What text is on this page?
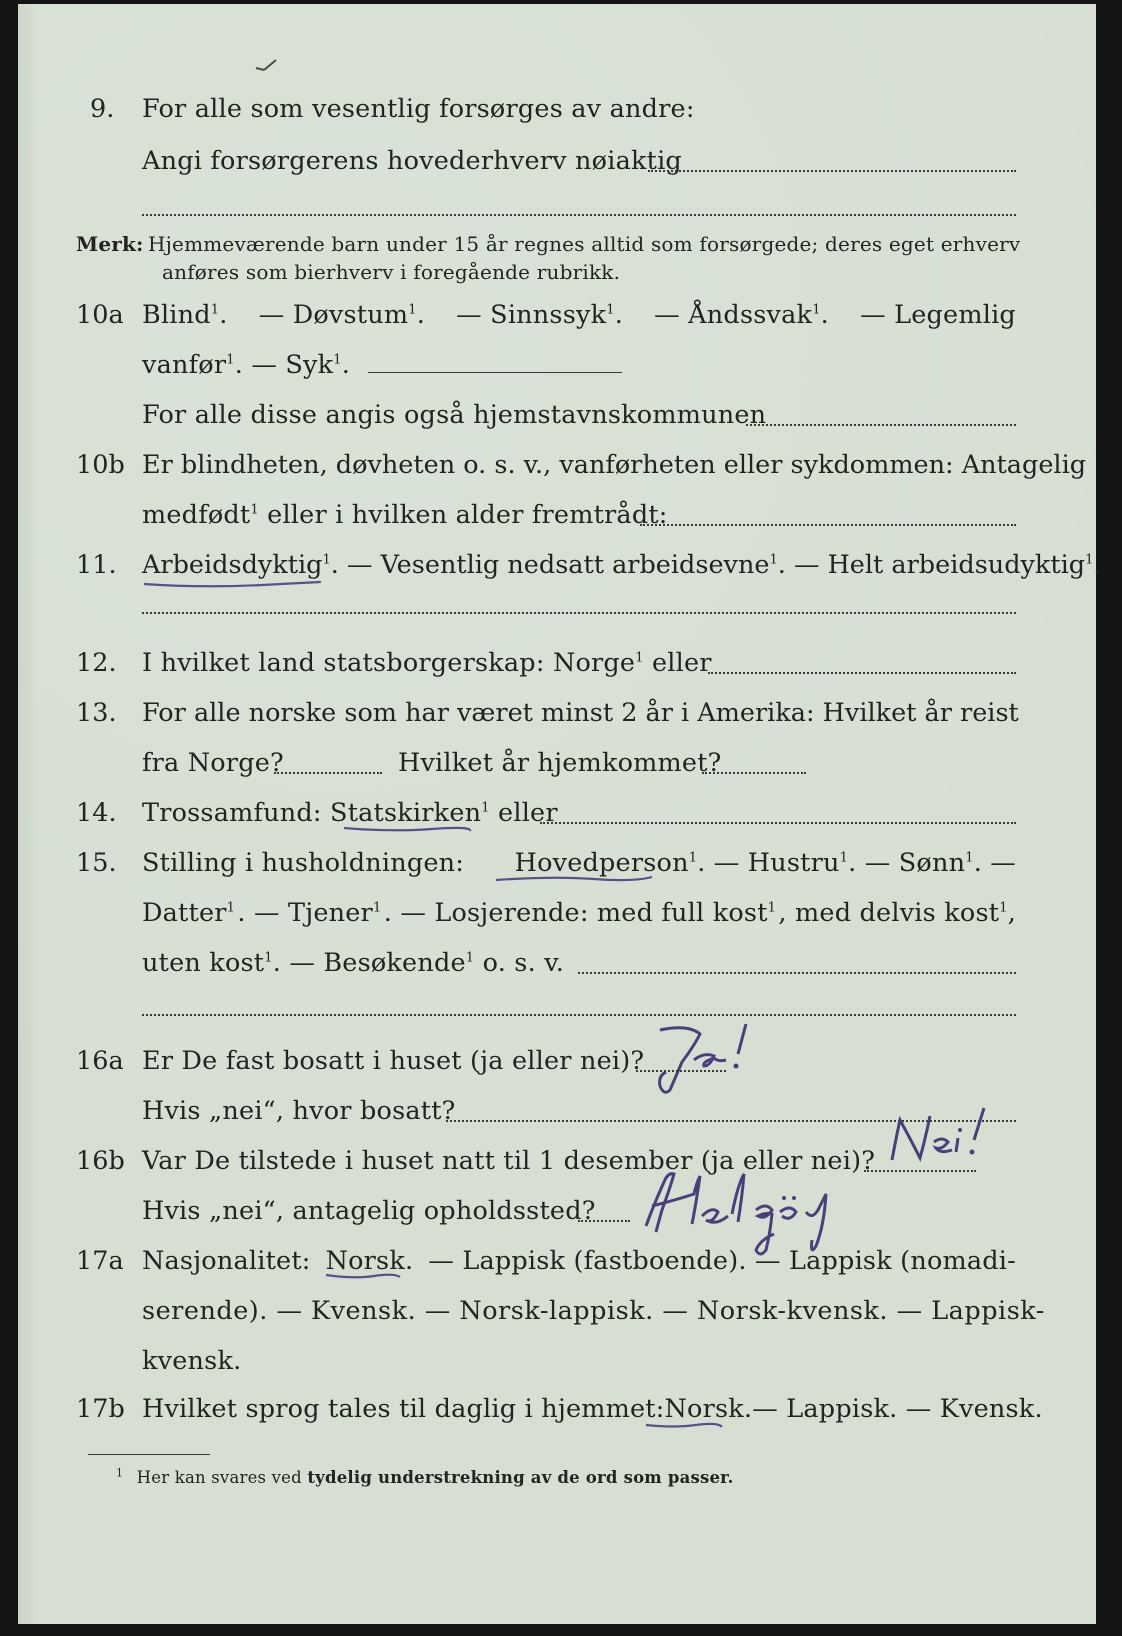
9. For alle som vesentlig forsørges av andre:
Angi forsørgerens hovederhverv nøiaktig
Merk: Hjemmeværende barn under 15 år regnes alltid som forsørgede; deres eget erhverv
anføres som bierhverv i foregående rubrikk.
10a Blind$^1$. — Døvstum$^1$. — Sinnssyk$^1$. — Åndssvak$^1$. — Legemlig
vanfør$^1$. — Syk$^1$.
For alle disse angis også hjemstavnskommunen
10b Er blindheten, døvheten o. s. v., vanførheten eller sykdommen: Antagelig
medfødt$^1$ eller i hvilken alder fremtrådt:
11. Arbeidsdyktig$^1$. — Vesentlig nedsatt arbeidsevne$^1$. — Helt arbeidsudyktig$^1$.
12. I hvilket land statsborgerskap: Norge$^1$ eller
13. For alle norske som har været minst 2 år i Amerika: Hvilket år reist
fra Norge?	Hvilket år hjemkommet?
14. Trossamfund: Statskirken$^1$ eller
15. Stilling i husholdningen: Hovedperson$^1$. — Hustru$^1$. — Sønn$^1$. —
Datter$^1$ . — Tjener$^1$ . — Losjerende: med full kost$^1$ , med delvis kost$^1$,
uten kost$^1$. — Besøkende$^1$ o. s. v.
16a Er De fast bosatt i huset (ja eller nei)?
Hvis „nei“, hvor bosatt?
16b Var De tilstede i huset natt til 1 desember (ja eller nei)?
Hvis „nei“, antagelig opholdssted?
17a Nasjonalitet: Norsk. — Lappisk (fastboende). — Lappisk (nomadi-
serende). — Kvensk. — Norsk-lappisk. — Norsk-kvensk. — Lappisk-
kvensk.
17b Hvilket sprog tales til daglig i hjemmet: Norsk. — Lappisk. — Kvensk.
$^1$ Her kan svares ved tydelig understrekning av de ord som passer.
